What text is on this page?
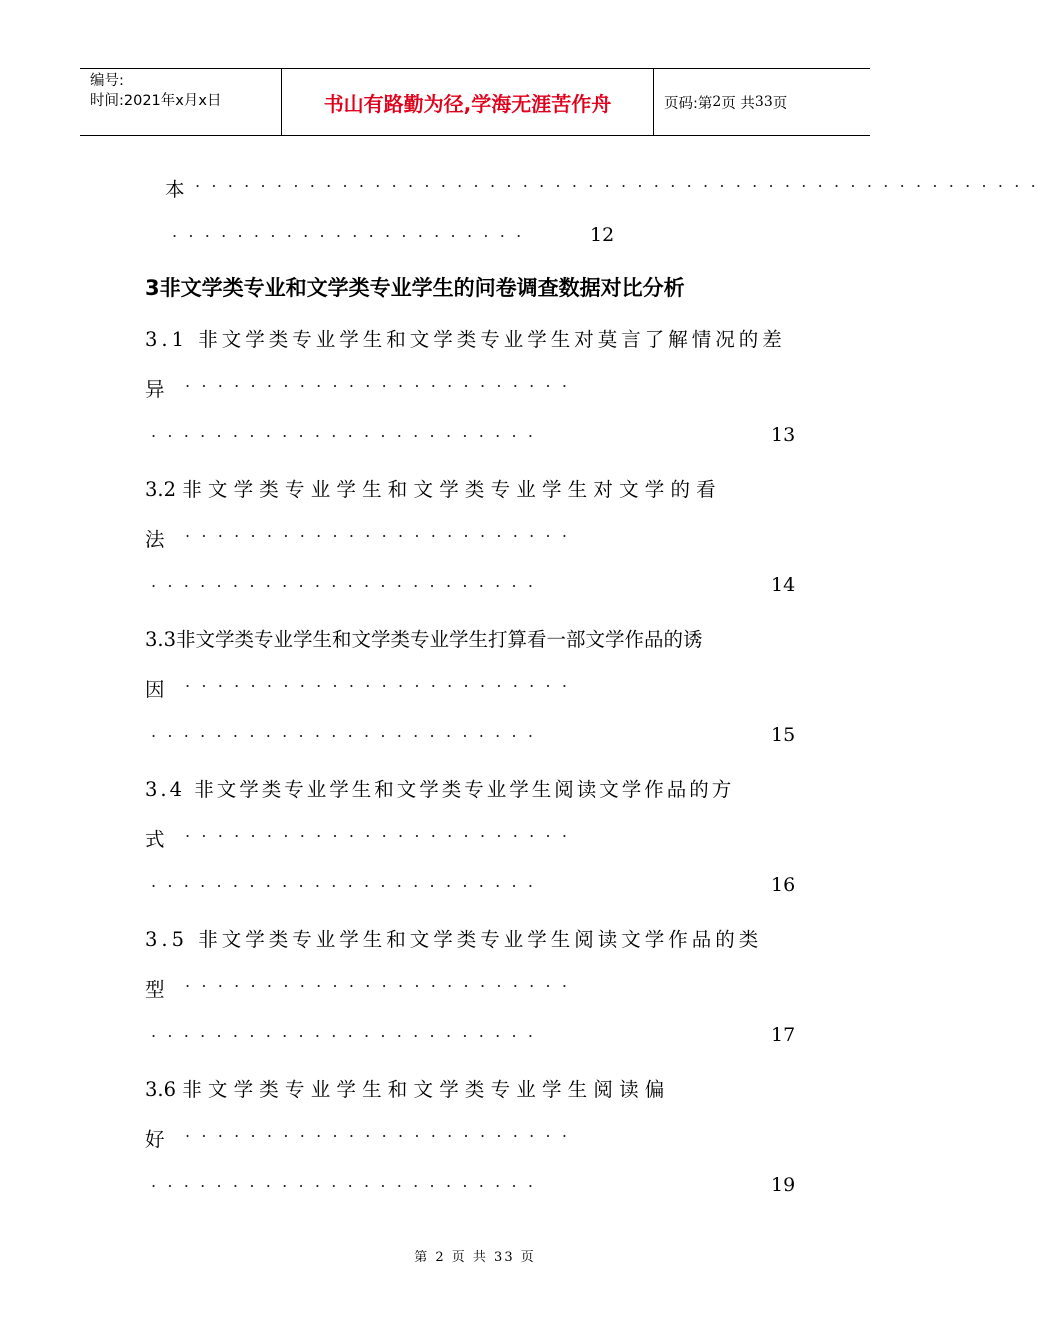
编号:
时间:2021年x月x日	书山有路勤为径,学海无涯苦作舟	页码:第 2 页 共 33 页
本 ....................................................
......................	12
3非文学类专业和文学类专业学生的问卷调查数据对比分析
3.1 非文学类专业学生和文学类专业学生对莫言了解情况的差
异 ........................
........................	13
3.2 非 文 学 类 专 业 学 生 和 文 学 类 专 业 学 生 对 文 学 的 看
法 ........................
........................	14
3.3非文学类专业学生和文学类专业学生打算看一部文学作品的诱
因 ........................
........................	15
3.4 非文学类专业学生和文学类专业学生阅读文学作品的方
式 ........................
........................	16
3.5 非文学类专业学生和文学类专业学生阅读文学作品的类
型 ........................
........................	17
3.6 非 文 学 类 专 业 学 生 和 文 学 类 专 业 学 生 阅 读 偏
好 ........................
........................	19
第 2 页 共 33 页
